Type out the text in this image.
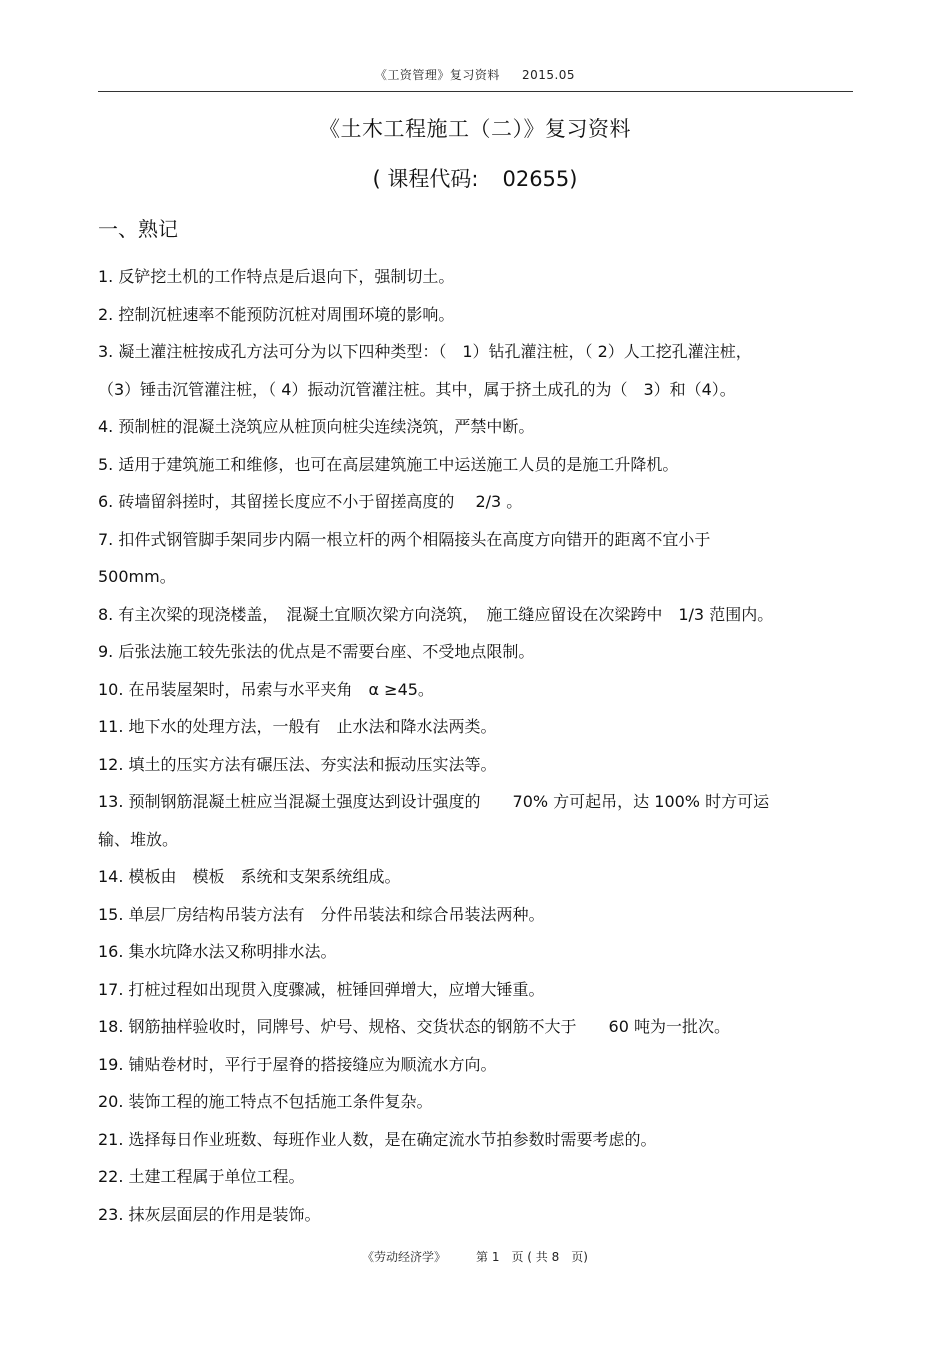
《工资管理》复习资料 2015.05
《土木工程施工（二）》复习资料
( 课程代码: 02655)
一、熟记
1. 反铲挖土机的工作特点是后退向下，强制切土。
2. 控制沉桩速率不能预防沉桩对周围环境的影响。
3. 凝土灌注桩按成孔方法可分为以下四种类型：（　1）钻孔灌注桩，（ 2）人工挖孔灌注桩，
（3）锤击沉管灌注桩，（ 4）振动沉管灌注桩。其中，属于挤土成孔的为（　3）和（4）。
4. 预制桩的混凝土浇筑应从桩顶向桩尖连续浇筑，严禁中断。
5. 适用于建筑施工和维修，也可在高层建筑施工中运送施工人员的是施工升降机。
6. 砖墙留斜搓时，其留搓长度应不小于留搓高度的　 2/3 。
7. 扣件式钢管脚手架同步内隔一根立杆的两个相隔接头在高度方向错开的距离不宜小于
500mm。
8. 有主次梁的现浇楼盖，　混凝土宜顺次梁方向浇筑，　施工缝应留设在次梁跨中　1/3 范围内。
9. 后张法施工较先张法的优点是不需要台座、不受地点限制。
10. 在吊装屋架时，吊索与水平夹角　α ≥45。
11. 地下水的处理方法，一般有　止水法和降水法两类。
12. 填土的压实方法有碾压法、夯实法和振动压实法等。
13. 预制钢筋混凝土桩应当混凝土强度达到设计强度的　　70% 方可起吊，达 100% 时方可运
输、堆放。
14. 模板由　模板　系统和支架系统组成。
15. 单层厂房结构吊装方法有　分件吊装法和综合吊装法两种。
16. 集水坑降水法又称明排水法。
17. 打桩过程如出现贯入度骤减，桩锤回弹增大，应增大锤重。
18. 钢筋抽样验收时，同牌号、炉号、规格、交货状态的钢筋不大于　　60 吨为一批次。
19. 铺贴卷材时，平行于屋脊的搭接缝应为顺流水方向。
20. 装饰工程的施工特点不包括施工条件复杂。
21. 选择每日作业班数、每班作业人数，是在确定流水节拍参数时需要考虑的。
22. 土建工程属于单位工程。
23. 抹灰层面层的作用是装饰。
《劳动经济学》	第 1　页 ( 共 8　页)
